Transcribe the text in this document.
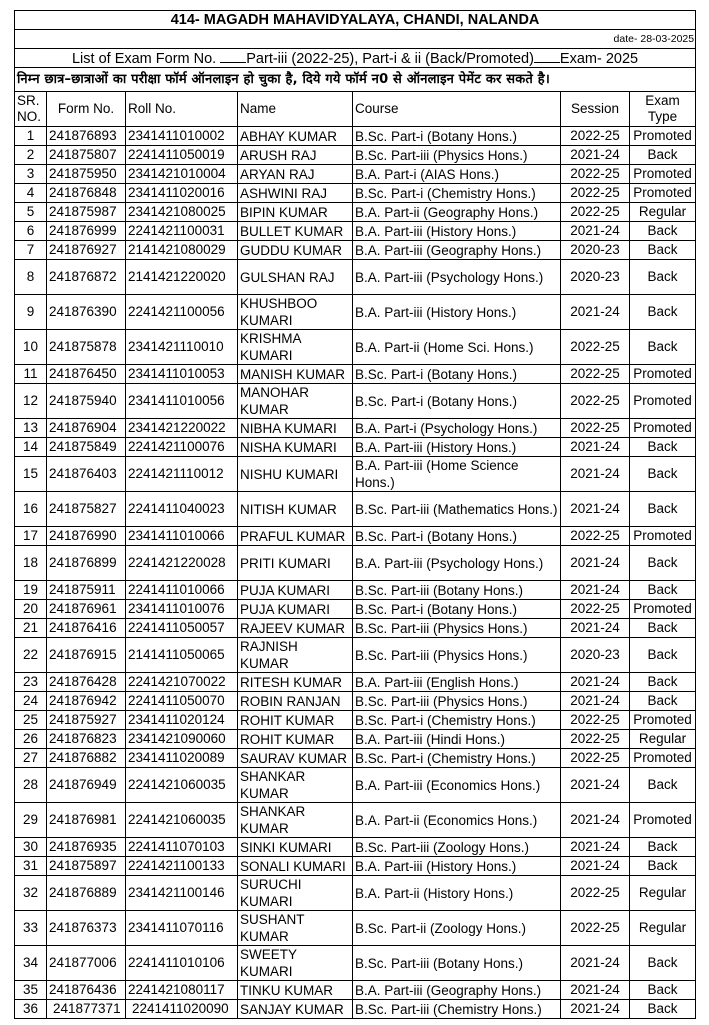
414- MAGADH MAHAVIDYALAYA, CHANDI, NALANDA						
date- 28-03-2025						
List of Exam Form No. Part-iii (2022-25), Part-i & ii (Back/Promoted) Exam- 2025						
निम्न छात्र–छात्राओं का परीक्षा फॉर्म ऑनलाइन हो चुका है, दिये गये फॉर्म न0 से ऑनलाइन पेमेंट कर सकते है।						
SR. NO.	Form No.	Roll No.	Name	Course	Session	Exam Type
1	241876893	2341411010002	ABHAY KUMAR	B.Sc. Part-i (Botany Hons.)	2022-25	Promoted
2	241875807	2241411050019	ARUSH RAJ	B.Sc. Part-iii (Physics Hons.)	2021-24	Back
3	241875950	2341421010004	ARYAN RAJ	B.A. Part-i (AIAS Hons.)	2022-25	Promoted
4	241876848	2341411020016	ASHWINI RAJ	B.Sc. Part-i (Chemistry Hons.)	2022-25	Promoted
5	241875987	2341421080025	BIPIN KUMAR	B.A. Part-ii (Geography Hons.)	2022-25	Regular
6	241876999	2241421100031	BULLET KUMAR	B.A. Part-iii (History Hons.)	2021-24	Back
7	241876927	2141421080029	GUDDU KUMAR	B.A. Part-iii (Geography Hons.)	2020-23	Back
8	241876872	2141421220020	GULSHAN RAJ	B.A. Part-iii (Psychology Hons.)	2020-23	Back
9	241876390	2241421100056	KHUSHBOO KUMARI	B.A. Part-iii (History Hons.)	2021-24	Back
10	241875878	2341421110010	KRISHMA KUMARI	B.A. Part-ii (Home Sci. Hons.)	2022-25	Back
11	241876450	2341411010053	MANISH KUMAR	B.Sc. Part-i (Botany Hons.)	2022-25	Promoted
12	241875940	2341411010056	MANOHAR KUMAR	B.Sc. Part-i (Botany Hons.)	2022-25	Promoted
13	241876904	2341421220022	NIBHA KUMARI	B.A. Part-i (Psychology Hons.)	2022-25	Promoted
14	241875849	2241421100076	NISHA KUMARI	B.A. Part-iii (History Hons.)	2021-24	Back
15	241876403	2241421110012	NISHU KUMARI	B.A. Part-iii (Home Science Hons.)	2021-24	Back
16	241875827	2241411040023	NITISH KUMAR	B.Sc. Part-iii (Mathematics Hons.)	2021-24	Back
17	241876990	2341411010066	PRAFUL KUMAR	B.Sc. Part-i (Botany Hons.)	2022-25	Promoted
18	241876899	2241421220028	PRITI KUMARI	B.A. Part-iii (Psychology Hons.)	2021-24	Back
19	241875911	2241411010066	PUJA KUMARI	B.Sc. Part-iii (Botany Hons.)	2021-24	Back
20	241876961	2341411010076	PUJA KUMARI	B.Sc. Part-i (Botany Hons.)	2022-25	Promoted
21	241876416	2241411050057	RAJEEV KUMAR	B.Sc. Part-iii (Physics Hons.)	2021-24	Back
22	241876915	2141411050065	RAJNISH KUMAR	B.Sc. Part-iii (Physics Hons.)	2020-23	Back
23	241876428	2241421070022	RITESH KUMAR	B.A. Part-iii (English Hons.)	2021-24	Back
24	241876942	2241411050070	ROBIN RANJAN	B.Sc. Part-iii (Physics Hons.)	2021-24	Back
25	241875927	2341411020124	ROHIT KUMAR	B.Sc. Part-i (Chemistry Hons.)	2022-25	Promoted
26	241876823	2341421090060	ROHIT KUMAR	B.A. Part-iii (Hindi Hons.)	2022-25	Regular
27	241876882	2341411020089	SAURAV KUMAR	B.Sc. Part-i (Chemistry Hons.)	2022-25	Promoted
28	241876949	2241421060035	SHANKAR KUMAR	B.A. Part-iii (Economics Hons.)	2021-24	Back
29	241876981	2241421060035	SHANKAR KUMAR	B.A. Part-ii (Economics Hons.)	2021-24	Promoted
30	241876935	2241411070103	SINKI KUMARI	B.Sc. Part-iii (Zoology Hons.)	2021-24	Back
31	241875897	2241421100133	SONALI KUMARI	B.A. Part-iii (History Hons.)	2021-24	Back
32	241876889	2341421100146	SURUCHI KUMARI	B.A. Part-ii (History Hons.)	2022-25	Regular
33	241876373	2341411070116	SUSHANT KUMAR	B.Sc. Part-ii (Zoology Hons.)	2022-25	Regular
34	241877006	2241411010106	SWEETY KUMARI	B.Sc. Part-iii (Botany Hons.)	2021-24	Back
35	241876436	2241421080117	TINKU KUMAR	B.A. Part-iii (Geography Hons.)	2021-24	Back
36	241877371	2241411020090	SANJAY KUMAR	B.Sc. Part-iii (Chemistry Hons.)	2021-24	Back
